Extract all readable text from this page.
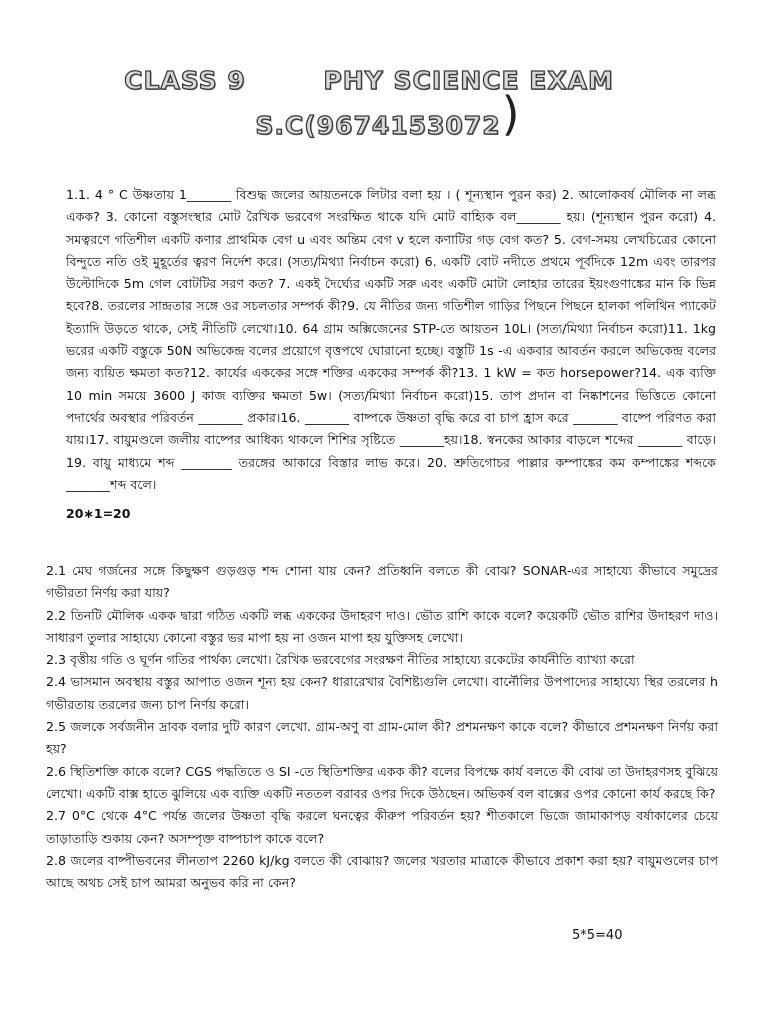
CLASS 9        PHY SCIENCE EXAM
S.C(9674153072 )
1.1. 4 ° C উষ্ণতায় 1_______ বিশুদ্ধ জলের আয়তনকে লিটার বলা হয় । ( শূন্যস্থান পুরন কর) 2. আলোকবর্ষ মৌলিক না লব্ধ একক? 3. কোনো বস্তুসংস্থার মোট রৈখিক ভরবেগ সংরক্ষিত থাকে যদি মোট বাহ্যিক বল_______ হয়। (শূন্যস্থান পুরন করো) 4. সমত্বরণে গতিশীল একটি কণার প্রাথমিক বেগ u এবং অন্তিম বেগ v হলে কণাটির গড় বেগ কত? 5. বেগ-সময় লেখচিত্রের কোনো বিন্দুতে নতি ওই মুহূর্তের ত্বরণ নির্দেশ করে। (সত্য/মিথ্যা নির্বাচন করো) 6. একটি বোট নদীতে প্রথমে পূর্বদিকে 12m এবং তারপর উল্টোদিকে 5m গেল বোটটির সরণ কত? 7. একই দৈর্ঘ্যের একটি সরু এবং একটি মোটা লোহার তারের ইয়ংগুণাঙ্কের মান কি ভিন্ন হবে?8. তরলের সান্দ্রতার সঙ্গে ওর সচলতার সম্পর্ক কী?9. যে নীতির জন্য গতিশীল গাড়ির পিছনে পিছনে হালকা পলিথিন প্যাকেট ইত্যাদি উড়তে থাকে, সেই নীতিটি লেখো।10. 64 গ্রাম অক্সিজেনের STP-তে আয়তন 10L। (সত্য/মিথ্যা নির্বাচন করো)11. 1kg ভরের একটি বস্তুকে 50N অভিকেন্দ্র বলের প্রয়োগে বৃত্তপথে ঘোরানো হচ্ছে। বস্তুটি 1s -এ একবার আবর্তন করলে অভিকেন্দ্র বলের জন্য ব্যয়িত ক্ষমতা কত?12. কার্যের এককের সঙ্গে শক্তির এককের সম্পর্ক কী?13. 1 kW = কত horsepower?14. এক ব্যক্তি 10 min সময়ে 3600 J কাজ ব্যক্তির ক্ষমতা 5w। (সত্য/মিথ্যা নির্বাচন করো)15. তাপ প্রদান বা নিষ্কাশনের ভিত্তিতে কোনো পদার্থের অবস্থার পরিবর্তন _______ প্রকার।16. _______ বাষ্পকে উষ্ণতা বৃদ্ধি করে বা চাপ হ্রাস করে _______ বাষ্পে পরিণত করা যায়।17. বায়ুমণ্ডলে জলীয় বাষ্পের আধিক্য থাকলে শিশির সৃষ্টিতে _______হয়।18. স্বনকের আকার বাড়লে শব্দের _______ বাড়ে। 19. বায়ু মাধ্যমে শব্দ ________ তরঙ্গের আকারে বিস্তার লাভ করে। 20. শ্রুতিগোচর পাল্লার কম্পাঙ্কের কম কম্পাঙ্কের শব্দকে _______শব্দ বলে।
20∗1=20

2.1 মেঘ গর্জনের সঙ্গে কিছুক্ষণ গুড়গুড় শব্দ শোনা যায় কেন? প্রতিধ্বনি বলতে কী বোঝ? SONAR-এর সাহায্যে কীভাবে সমুদ্রের গভীরতা নির্ণয় করা যায়?

2.2 তিনটি মৌলিক একক দ্বারা গঠিত একটি লব্ধ এককের উদাহরণ দাও। ভৌত রাশি কাকে বলে? কয়েকটি ভৌত রাশির উদাহরণ দাও। সাধারণ তুলার সাহায্যে কোনো বস্তুর ভর মাপা হয় না ওজন মাপা হয় যুক্তিসহ লেখো।

2.3 বৃত্তীয় গতি ও ঘূর্ণন গতির পার্থক্য লেখো। রৈখিক ভরবেগের সংরক্ষণ নীতির সাহায্যে রকেটের কার্যনীতি ব্যাখ্যা করো

2.4 ভাসমান অবস্থায় বস্তুর আপাত ওজন শূন্য হয় কেন? ধারারেখার বৈশিষ্ট্যগুলি লেখো। বার্নৌলির উপপাদ্যের সাহায্যে স্থির তরলের h গভীরতায় তরলের জন্য চাপ নির্ণয় করো।

2.5 জলকে সর্বজনীন দ্রাবক বলার দুটি কারণ লেখো. গ্রাম-অণু বা গ্রাম-মোল কী? প্রশমনক্ষণ কাকে বলে? কীভাবে প্রশমনক্ষণ নির্ণয় করা হয়?

2.6 স্থিতিশক্তি কাকে বলে? CGS পদ্ধতিতে ও SI -তে স্থিতিশক্তির একক কী? বলের বিপক্ষে কার্য বলতে কী বোঝ তা উদাহরণসহ বুঝিয়ে লেখো। একটি বাক্স হাতে ঝুলিয়ে এক ব্যক্তি একটি নততল বরাবর ওপর দিকে উঠছেন। অভিকর্ষ বল বাক্সের ওপর কোনো কার্য করছে কি?

2.7 0°C থেকে 4°C পর্যন্ত জলের উষ্ণতা বৃদ্ধি করলে ঘনত্বের কীরুপ পরিবর্তন হয়? শীতকালে ভিজে জামাকাপড় বর্ষাকালের চেয়ে তাড়াতাড়ি শুকায় কেন? অসম্পৃক্ত বাষ্পচাপ কাকে বলে?

2.8 জলের বাষ্পীভবনের লীনতাপ 2260 kJ/kg বলতে কী বোঝায়? জলের খরতার মাত্রাকে কীভাবে প্রকাশ করা হয়? বায়ুমণ্ডলের চাপ আছে অথচ সেই চাপ আমরা অনুভব করি না কেন?

5*5=40
